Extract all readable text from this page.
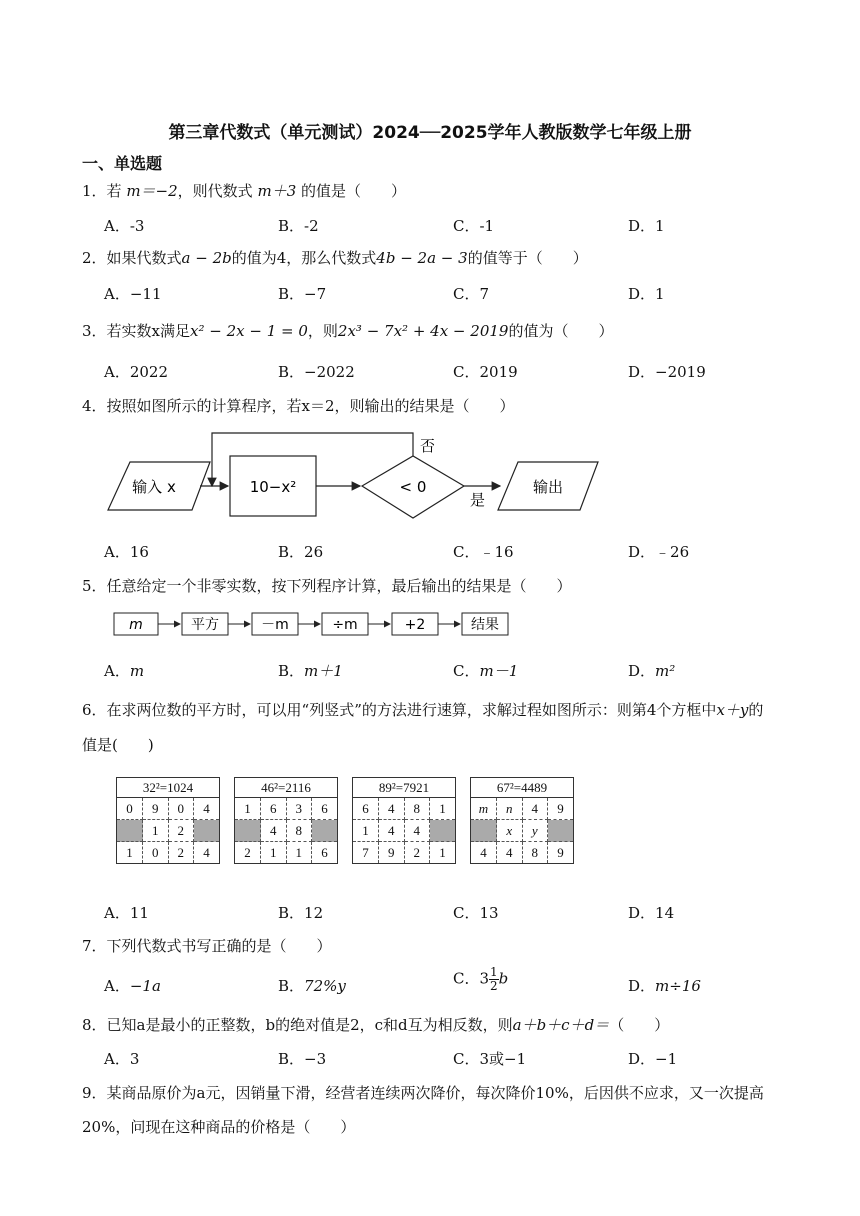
第三章代数式（单元测试）2024──2025学年人教版数学七年级上册
一、单选题
1．若 m＝−2，则代数式 m＋3 的值是（　　）
A．-3	B．-2	C．-1	D．1
2．如果代数式a − 2b的值为4，那么代数式4b − 2a − 3的值等于（　　）
A．−11	B．−7	C．7	D．1
3．若实数x满足x² − 2x − 1 = 0，则2x³ − 7x² + 4x − 2019的值为（　　）
A．2022	B．−2022	C．2019	D．−2019
4．按照如图所示的计算程序，若x＝2，则输出的结果是（　　）
输入 x	10−x²	< 0
否
是
输出
A．16	B．26	C．﹣16	D．﹣26
5．任意给定一个非零实数，按下列程序计算，最后输出的结果是（　　）
m	平方	－m	÷m	+2	结果
A．m	B．m＋1	C．m－1	D．m²
6．在求两位数的平方时，可以用“列竖式”的方法进行速算，求解过程如图所示：则第4个方框中x＋y的
值是(　　)
32²=1024
0	9	0	4
	1	2	
1	0	2	4
46²=2116
1	6	3	6
	4	8	
2	1	1	6
89²=7921
6	4	8	1
1	4	4	
7	9	2	1
67²=4489
m	n	4	9
	x	y	
4	4	8	9
A．11	B．12	C．13	D．14
7．下列代数式书写正确的是（　　）
A．−1a	B．72%y	C．$3 \frac{1}{2}$ b	D．m÷16
8．已知a是最小的正整数，b的绝对值是2，c和d互为相反数，则a＋b＋c＋d＝（　　）
A．3	B．−3	C．3或−1	D．−1
9．某商品原价为a元，因销量下滑，经营者连续两次降价，每次降价10%，后因供不应求，又一次提高
20%，问现在这种商品的价格是（　　）
